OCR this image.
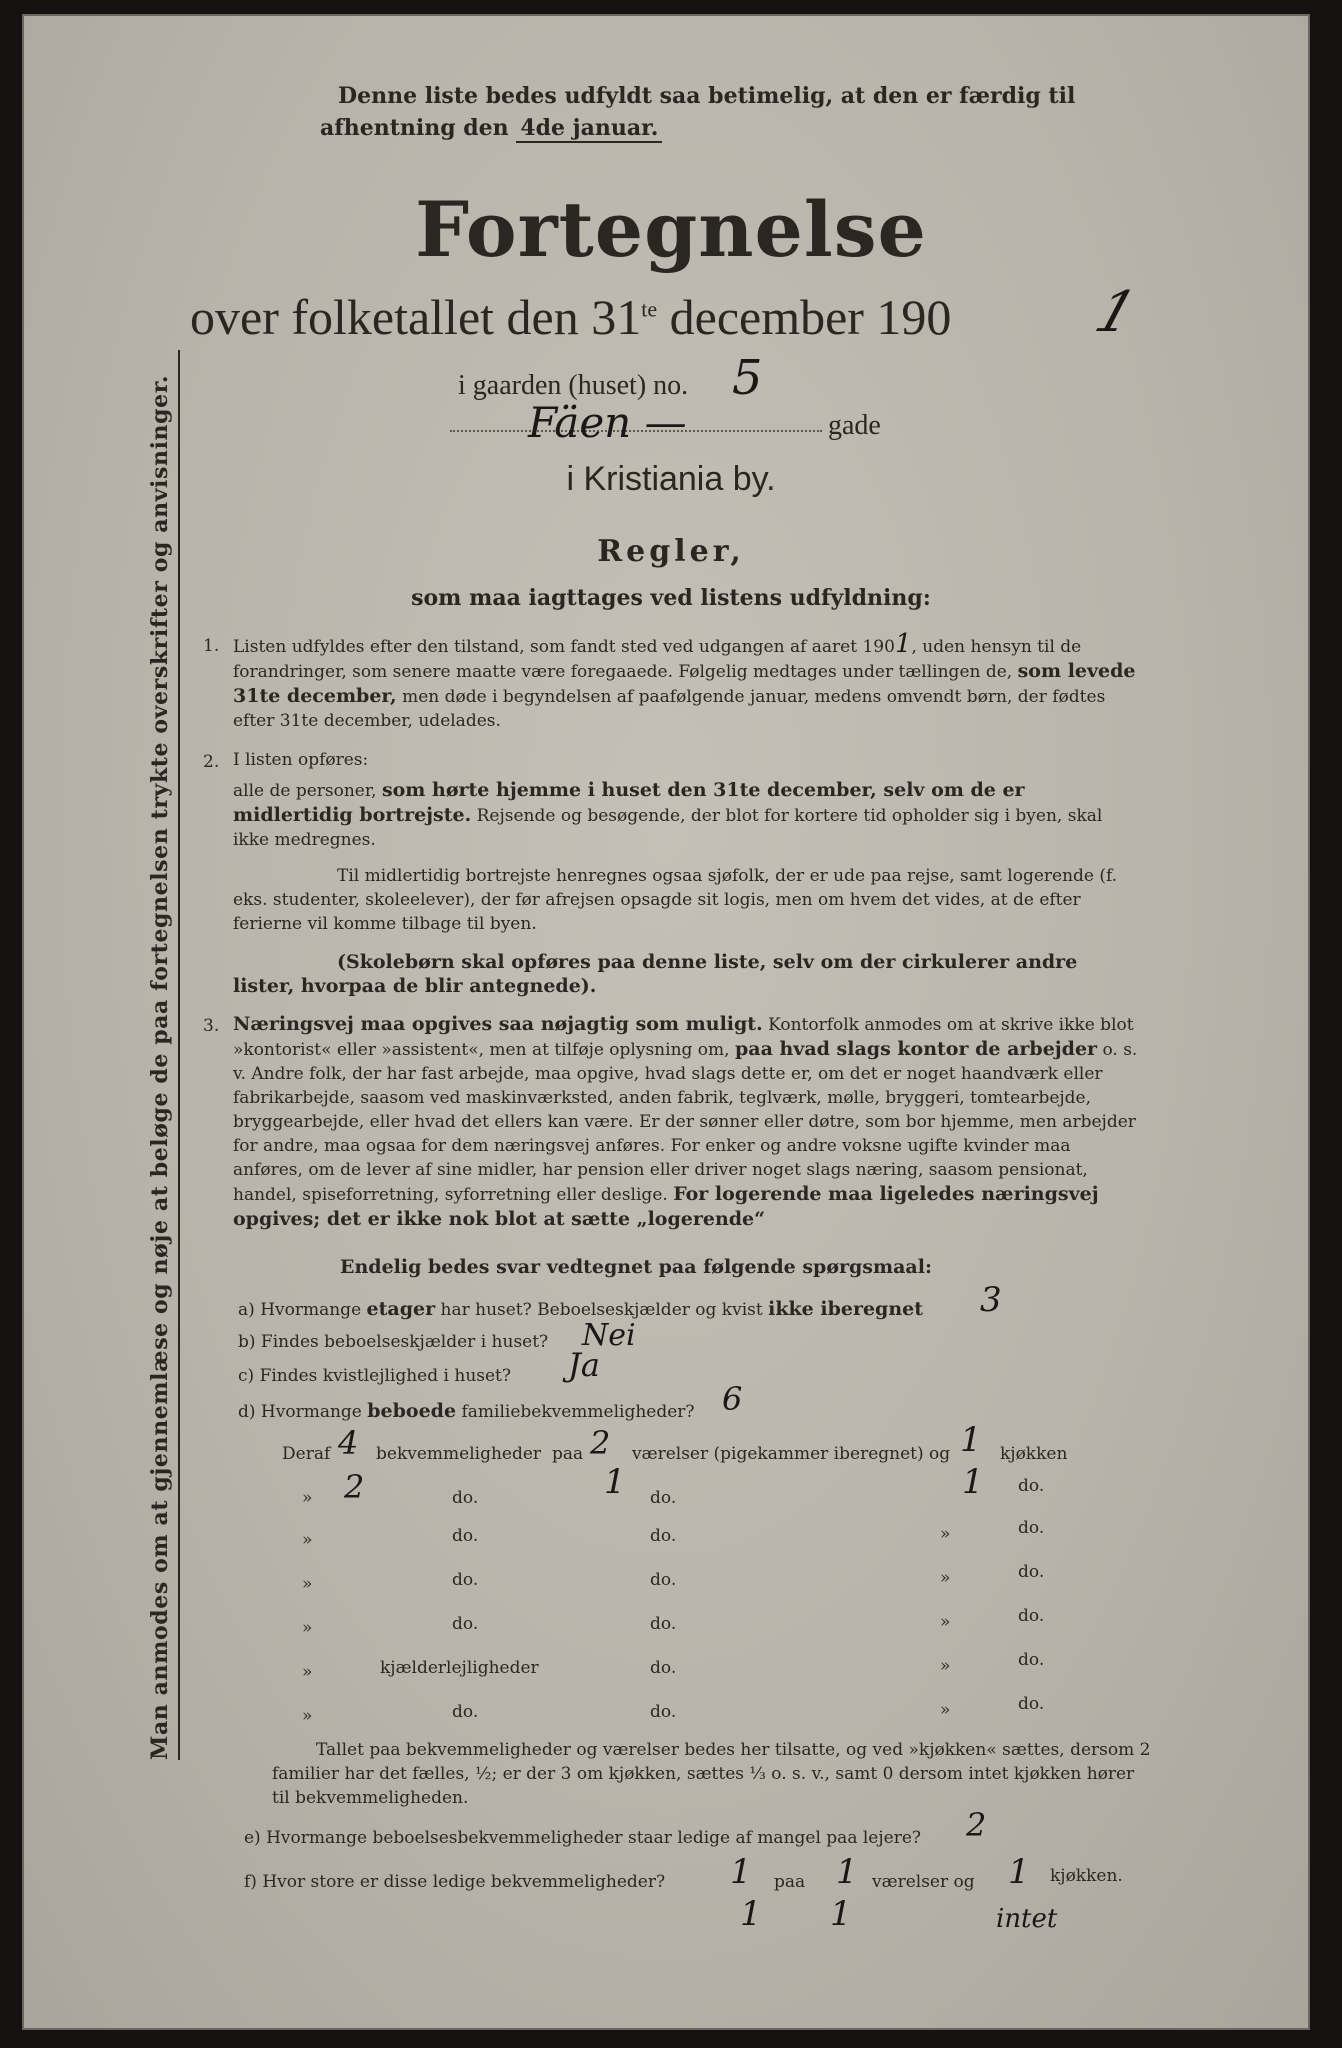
Denne liste bedes udfyldt saa betimelig, at den er færdig til
afhentning den 4de januar.
Fortegnelse
over folketallet den $31^{te}$ december 190 1
i gaarden (huset) no. 5
Fäen —	gade
i Kristiania by.
Regler,
som maa iagttages ved listens udfyldning:
1. Listen udfyldes efter den tilstand, som fandt sted ved udgangen af aaret 1901, uden hensyn til de forandringer, som senere maatte være foregaaede. Følgelig medtages under tællingen de, som levede 31te december, men døde i begyndelsen af paafølgende januar, medens omvendt børn, der fødtes efter 31te december, udelades.
2. I listen opføres:
alle de personer, som hørte hjemme i huset den 31te december, selv om de er midlertidig bortrejste. Rejsende og besøgende, der blot for kortere tid opholder sig i byen, skal ikke medregnes.
Til midlertidig bortrejste henregnes ogsaa sjøfolk, der er ude paa rejse, samt logerende (f. eks. studenter, skoleelever), der før afrejsen opsagde sit logis, men om hvem det vides, at de efter ferierne vil komme tilbage til byen.
(Skolebørn skal opføres paa denne liste, selv om der cirkulerer andre lister, hvorpaa de blir antegnede).
3. Næringsvej maa opgives saa nøjagtig som muligt. Kontorfolk anmodes om at skrive ikke blot »kontorist« eller »assistent«, men at tilføje oplysning om, paa hvad slags kontor de arbejder o. s. v. Andre folk, der har fast arbejde, maa opgive, hvad slags dette er, om det er noget haandværk eller fabrikarbejde, saasom ved maskinværksted, anden fabrik, teglværk, mølle, bryggeri, tomtearbejde, bryggearbejde, eller hvad det ellers kan være. Er der sønner eller døtre, som bor hjemme, men arbejder for andre, maa ogsaa for dem næringsvej anføres. For enker og andre voksne ugifte kvinder maa anføres, om de lever af sine midler, har pension eller driver noget slags næring, saasom pensionat, handel, spiseforretning, syforretning eller deslige. For logerende maa ligeledes næringsvej opgives; det er ikke nok blot at sætte „logerende“
Endelig bedes svar vedtegnet paa følgende spørgsmaal:
a) Hvormange etager har huset? Beboelseskjælder og kvist ikke iberegnet 3
b) Findes beboelseskjælder i huset? Nei
c) Findes kvistlejlighed i huset? Ja
d) Hvormange beboede familiebekvemmeligheder? 6
Deraf 4 bekvemmeligheder paa 2 værelser (pigekammer iberegnet) og 1 kjøkken
» 2	do.	1 do.	1 do.
»	do.	do.	»	do.
»	do.	do.	»	do.
»	do.	do.	»	do.
»	kjælderlejligheder	do.	»	do.
»	do.	do.	»	do.
Tallet paa bekvemmeligheder og værelser bedes her tilsatte, og ved »kjøkken« sættes, dersom 2 familier har det fælles, ½; er der 3 om kjøkken, sættes ⅓ o. s. v., samt 0 dersom intet kjøkken hører til bekvemmeligheden.
e) Hvormange beboelsesbekvemmeligheder staar ledige af mangel paa lejere? 2
f) Hvor store er disse ledige bekvemmeligheder? 1 paa 1 værelser og 1 kjøkken.
1 1	intet
Man anmodes om at gjennemlæse og nøje at beløge de paa fortegnelsen trykte overskrifter og anvisninger.
